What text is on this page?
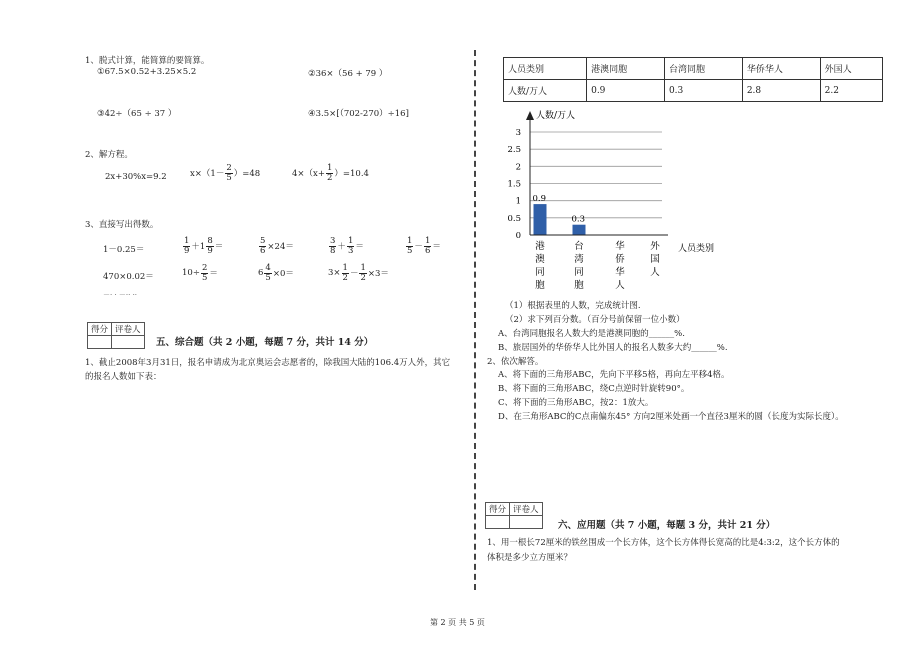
1、脱式计算，能简算的要简算。
①67.5×0.52+3.25×5.2	②36×（56 + 79 ）
③42÷（65 ÷ 37 ）	④3.5×[（702-270）÷16]
2、解方程。
2x+30%x=9.2	$x\times(1- \frac{2}{5} )=48$	$4\times(x+ \frac{1}{2} )=10.4$
3、直接写出得数。
1－0.25＝	$\frac{1}{9} +1 \frac{8}{9}$ ＝	$\frac{5}{6} \times 24=$	$\frac{3}{8} + \frac{1}{3}$ ＝	$\frac{1}{5} - \frac{1}{6}$ ＝
470×0.02＝	$10\div \frac{2}{5}$ ＝	$6 \frac{4}{5} \times 0=$	$3\times \frac{1}{2} - \frac{1}{2} \times 3=$
－· · －·· ··
得分	评卷人

五、综合题（共 2 小题，每题 7 分，共计 14 分）
1、截止2008年3月31日，报名申请成为北京奥运会志愿者的，除我国大陆的106.4万人外，其它
的报名人数如下表：
人员类别	港澳同胞	台湾同胞	华侨华人	外国人
人数/万人	0.9	0.3	2.8	2.2
0
0.5
1
1.5
2
2.5
3
0.9
0.3
港
澳
同
胞
台
湾
同
胞
华
侨
华
人
外
国
人
人数/万人
人员类别
（1）根据表里的人数，完成统计图.
（2）求下列百分数。（百分号前保留一位小数）
A、台湾同胞报名人数大约是港澳同胞的______%.
B、旅居国外的华侨华人比外国人的报名人数多大约______%.
2、依次解答。
A、将下面的三角形ABC，先向下平移5格，再向左平移4格。
B、将下面的三角形ABC，绕C点逆时针旋转90°。
C、将下面的三角形ABC，按2：1放大。
D、在三角形ABC的C点南偏东45° 方向2厘米处画一个直径3厘米的圆（长度为实际长度）。
得分	评卷人

六、应用题（共 7 小题，每题 3 分，共计 21 分）
1、用一根长72厘米的铁丝围成一个长方体，这个长方体得长宽高的比是4:3:2，这个长方体的
体积是多少立方厘米？
第 2 页 共 5 页
